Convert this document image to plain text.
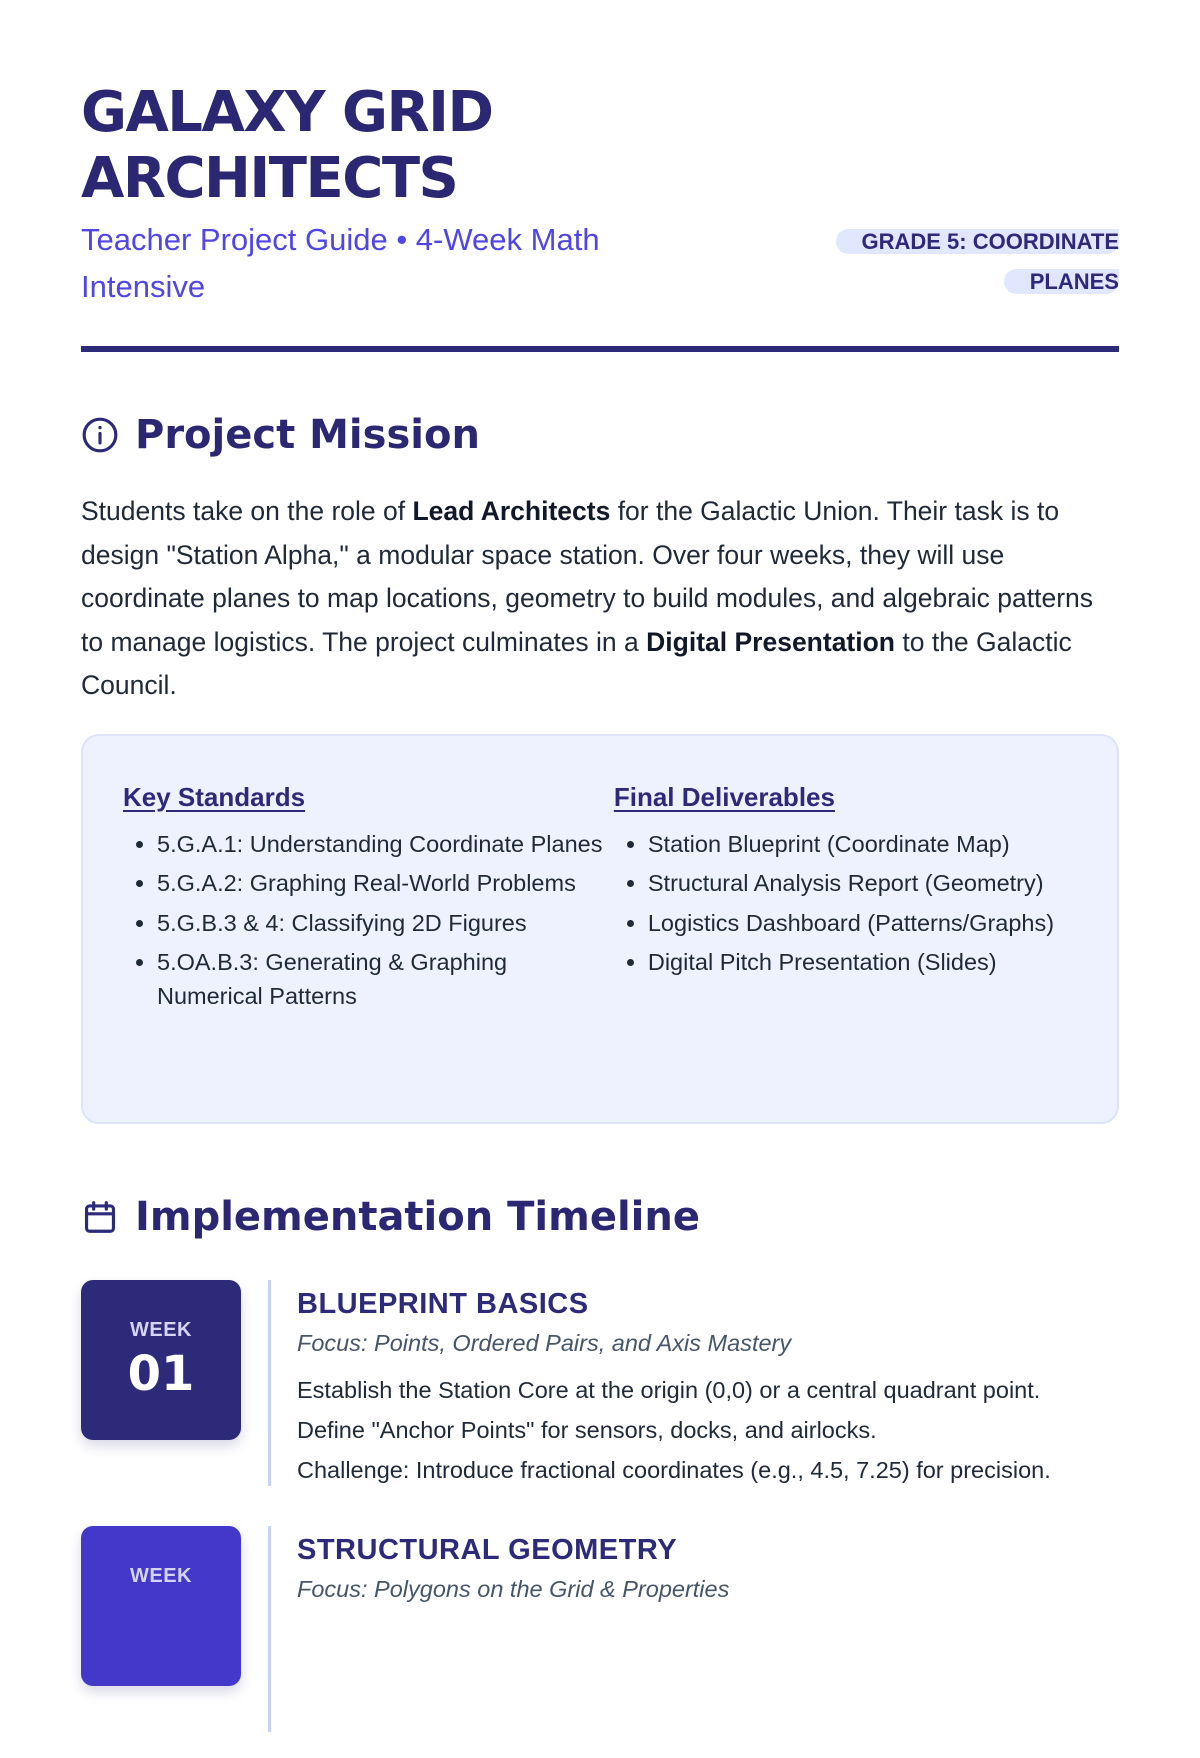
GALAXY GRID ARCHITECTS

Teacher Project Guide • 4-Week Math Intensive

GRADE 5: COORDINATE PLANES
Project Mission

Students take on the role of Lead Architects for the Galactic Union. Their task is to design "Station Alpha," a modular space station. Over four weeks, they will use coordinate planes to map locations, geometry to build modules, and algebraic patterns to manage logistics. The project culminates in a Digital Presentation to the Galactic Council.

Key Standards
• 5.G.A.1: Understanding Coordinate Planes
• 5.G.A.2: Graphing Real-World Problems
• 5.G.B.3 & 4: Classifying 2D Figures
• 5.OA.B.3: Generating & Graphing Numerical Patterns
Final Deliverables
• Station Blueprint (Coordinate Map)
• Structural Analysis Report (Geometry)
• Logistics Dashboard (Patterns/Graphs)
• Digital Pitch Presentation (Slides)
Implementation Timeline
WEEK
01
BLUEPRINT BASICS

Focus: Points, Ordered Pairs, and Axis Mastery

Establish the Station Core at the origin (0,0) or a central quadrant point.
Define "Anchor Points" for sensors, docks, and airlocks.
Challenge: Introduce fractional coordinates (e.g., 4.5, 7.25) for precision.
WEEK
STRUCTURAL GEOMETRY

Focus: Polygons on the Grid & Properties
